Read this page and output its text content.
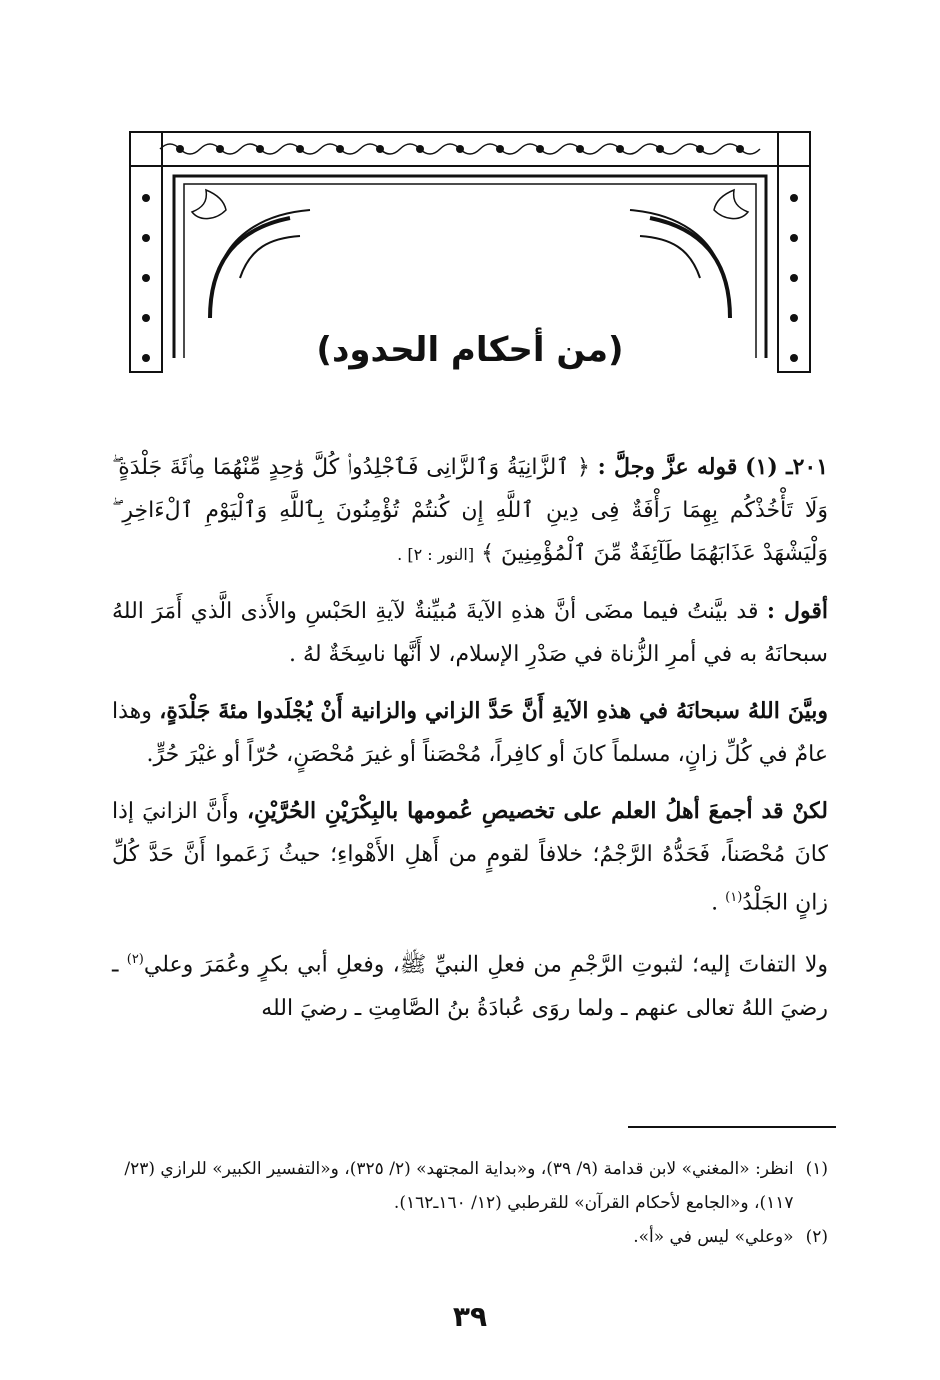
(من أحكام الحدود)

٢٠١ـ (١) قوله عزَّ وجلَّ : ﴿ ٱلزَّانِيَةُ وَٱلزَّانِى فَٱجْلِدُوا۟ كُلَّ وَٰحِدٍ مِّنْهُمَا مِا۟ئَةَ جَلْدَةٍ ۖ وَلَا تَأْخُذْكُم بِهِمَا رَأْفَةٌ فِى دِينِ ٱللَّهِ إِن كُنتُمْ تُؤْمِنُونَ بِٱللَّهِ وَٱلْيَوْمِ ٱلْءَاخِرِ ۖ وَلْيَشْهَدْ عَذَابَهُمَا طَآئِفَةٌ مِّنَ ٱلْمُؤْمِنِينَ ﴾ [النور : ٢] .

أقول : قد بيَّنتُ فيما مضَى أنَّ هذهِ الآيةَ مُبيِّنةٌ لآيةِ الحَبْسِ والأَذى الَّذي أَمَرَ اللهُ سبحانَهُ به في أمرِ الزُّناة في صَدْرِ الإسلام، لا أَنَّها ناسِخَةٌ لهُ .

وبيَّنَ اللهُ سبحانَهُ في هذهِ الآيةِ أَنَّ حَدَّ الزاني والزانية أَنْ يُجْلَدوا مئةَ جَلْدَةٍ، وهذا عامٌ في كُلِّ زانٍ، مسلماً كانَ أو كافِراً، مُحْصَناً أو غيرَ مُحْصَنٍ، حُرّاً أو غيْرَ حُرٍّ.

لكنْ قد أجمعَ أهلُ العلم على تخصيصِ عُمومها بالبِكْرَيْنِ الحُرَّيْنِ، وأَنَّ الزانيَ إذا كانَ مُحْصَناً، فَحَدُّهُ الرَّجْمُ؛ خلافاً لقومٍ من أَهلِ الأَهْواءِ؛ حيثُ زَعَموا أَنَّ حَدَّ كُلِّ زانٍ الجَلْدُ$^{(١)}$ .

ولا التفاتَ إليه؛ لثبوتِ الرَّجْمِ من فعلِ النبيِّ ﷺ، وفعلِ أبي بكرٍ وعُمَرَ وعلي$^{(٢)}$ ـ رضيَ اللهُ تعالى عنهم ـ ولما روَى عُبادَةُ بنُ الصَّامِتِ ـ رضيَ الله

(١)
انظر: «المغني» لابن قدامة (٩/ ٣٩)، و«بداية المجتهد» (٢/ ٣٢٥)، و«التفسير الكبير» للرازي (٢٣/ ١١٧)، و«الجامع لأحكام القرآن» للقرطبي (١٢/ ١٦٠ـ١٦٢).

(٢)
«وعلي» ليس في «أ».

٣٩
